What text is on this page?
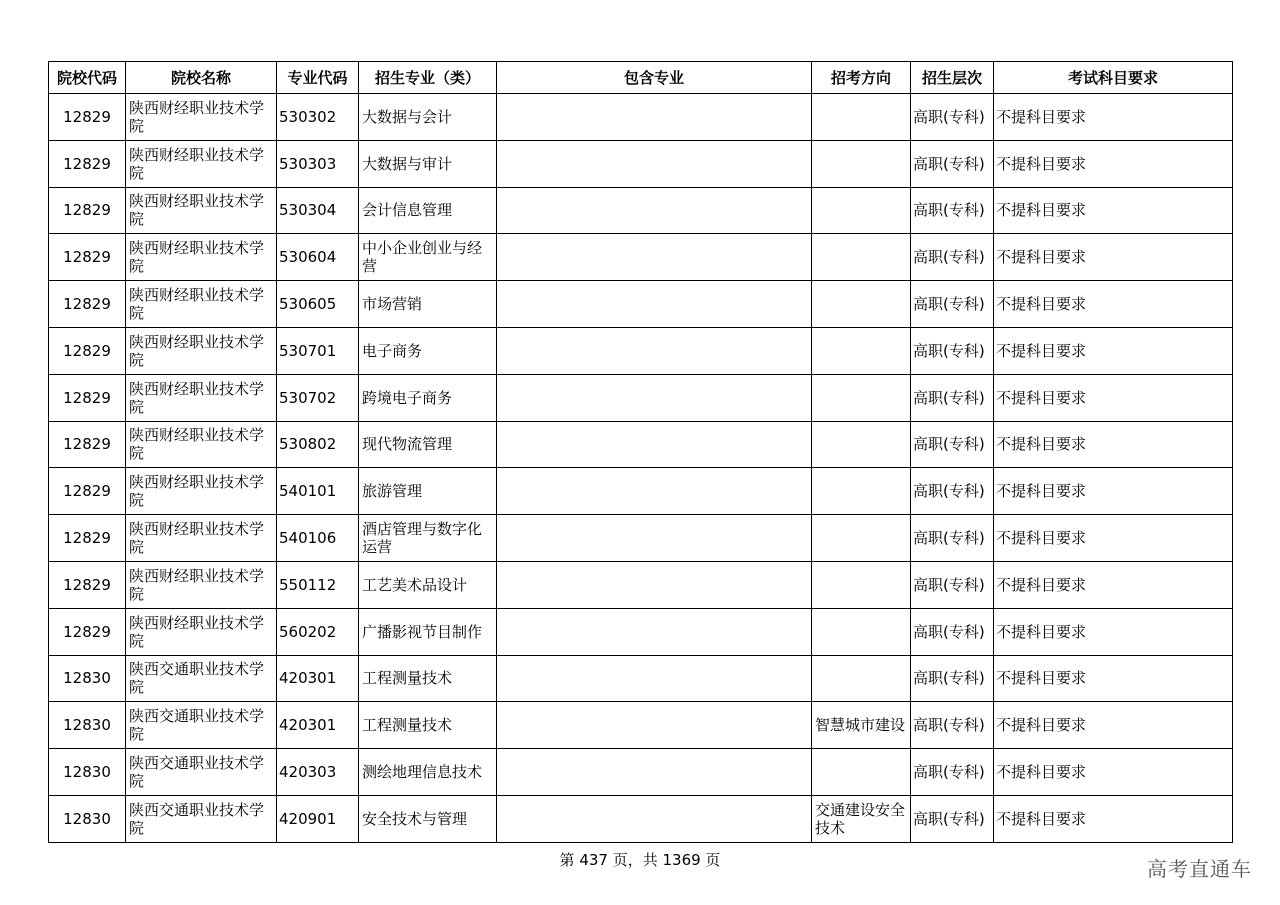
院校代码	院校名称	专业代码	招生专业（类）	包含专业	招考方向	招生层次	考试科目要求
12829	陕西财经职业技术学院	530302	大数据与会计			高职(专科)	不提科目要求
12829	陕西财经职业技术学院	530303	大数据与审计			高职(专科)	不提科目要求
12829	陕西财经职业技术学院	530304	会计信息管理			高职(专科)	不提科目要求
12829	陕西财经职业技术学院	530604	中小企业创业与经营			高职(专科)	不提科目要求
12829	陕西财经职业技术学院	530605	市场营销			高职(专科)	不提科目要求
12829	陕西财经职业技术学院	530701	电子商务			高职(专科)	不提科目要求
12829	陕西财经职业技术学院	530702	跨境电子商务			高职(专科)	不提科目要求
12829	陕西财经职业技术学院	530802	现代物流管理			高职(专科)	不提科目要求
12829	陕西财经职业技术学院	540101	旅游管理			高职(专科)	不提科目要求
12829	陕西财经职业技术学院	540106	酒店管理与数字化运营			高职(专科)	不提科目要求
12829	陕西财经职业技术学院	550112	工艺美术品设计			高职(专科)	不提科目要求
12829	陕西财经职业技术学院	560202	广播影视节目制作			高职(专科)	不提科目要求
12830	陕西交通职业技术学院	420301	工程测量技术			高职(专科)	不提科目要求
12830	陕西交通职业技术学院	420301	工程测量技术		智慧城市建设	高职(专科)	不提科目要求
12830	陕西交通职业技术学院	420303	测绘地理信息技术			高职(专科)	不提科目要求
12830	陕西交通职业技术学院	420901	安全技术与管理		交通建设安全技术	高职(专科)	不提科目要求
第 437 页，共 1369 页	高考直通车
